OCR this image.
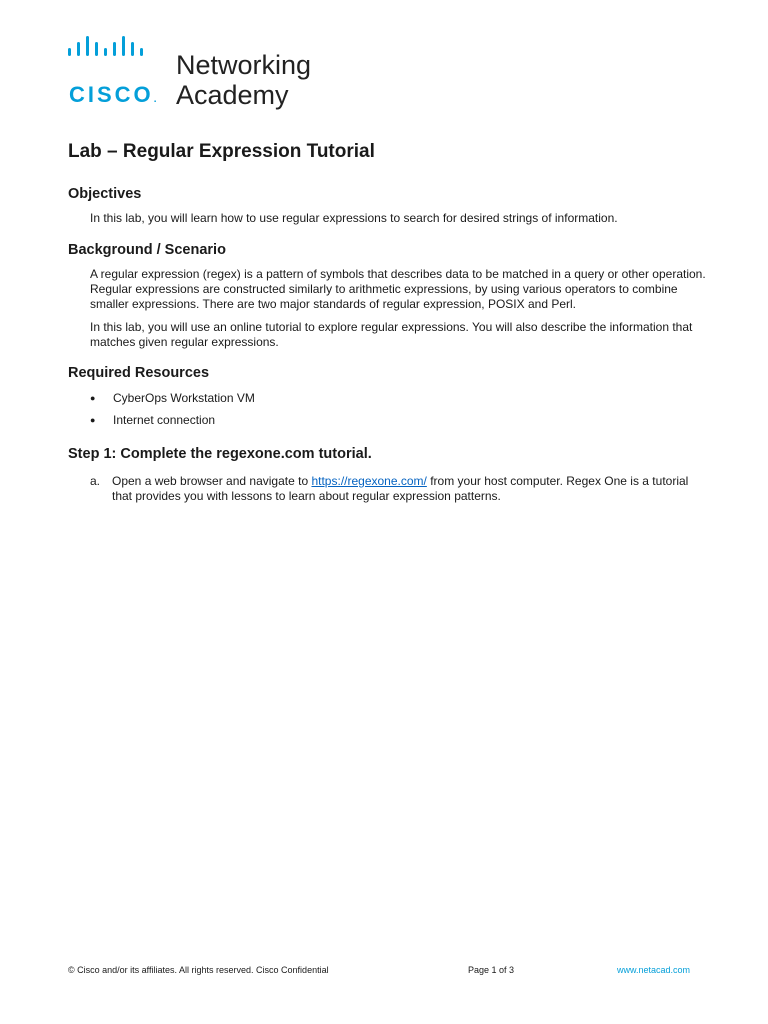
CISCO.
Networking
Academy
Lab – Regular Expression Tutorial
Objectives

In this lab, you will learn how to use regular expressions to search for desired strings of information.

Background / Scenario

A regular expression (regex) is a pattern of symbols that describes data to be matched in a query or other operation. Regular expressions are constructed similarly to arithmetic expressions, by using various operators to combine smaller expressions. There are two major standards of regular expression, POSIX and Perl.

In this lab, you will use an online tutorial to explore regular expressions. You will also describe the information that matches given regular expressions.

Required Resources
● CyberOps Workstation VM
● Internet connection
Step 1: Complete the regexone.com tutorial.
a. Open a web browser and navigate to https://regexone.com/ from your host computer. Regex One is a tutorial that provides you with lessons to learn about regular expression patterns.
© Cisco and/or its affiliates. All rights reserved. Cisco Confidential	Page 1 of 3	www.netacad.com
